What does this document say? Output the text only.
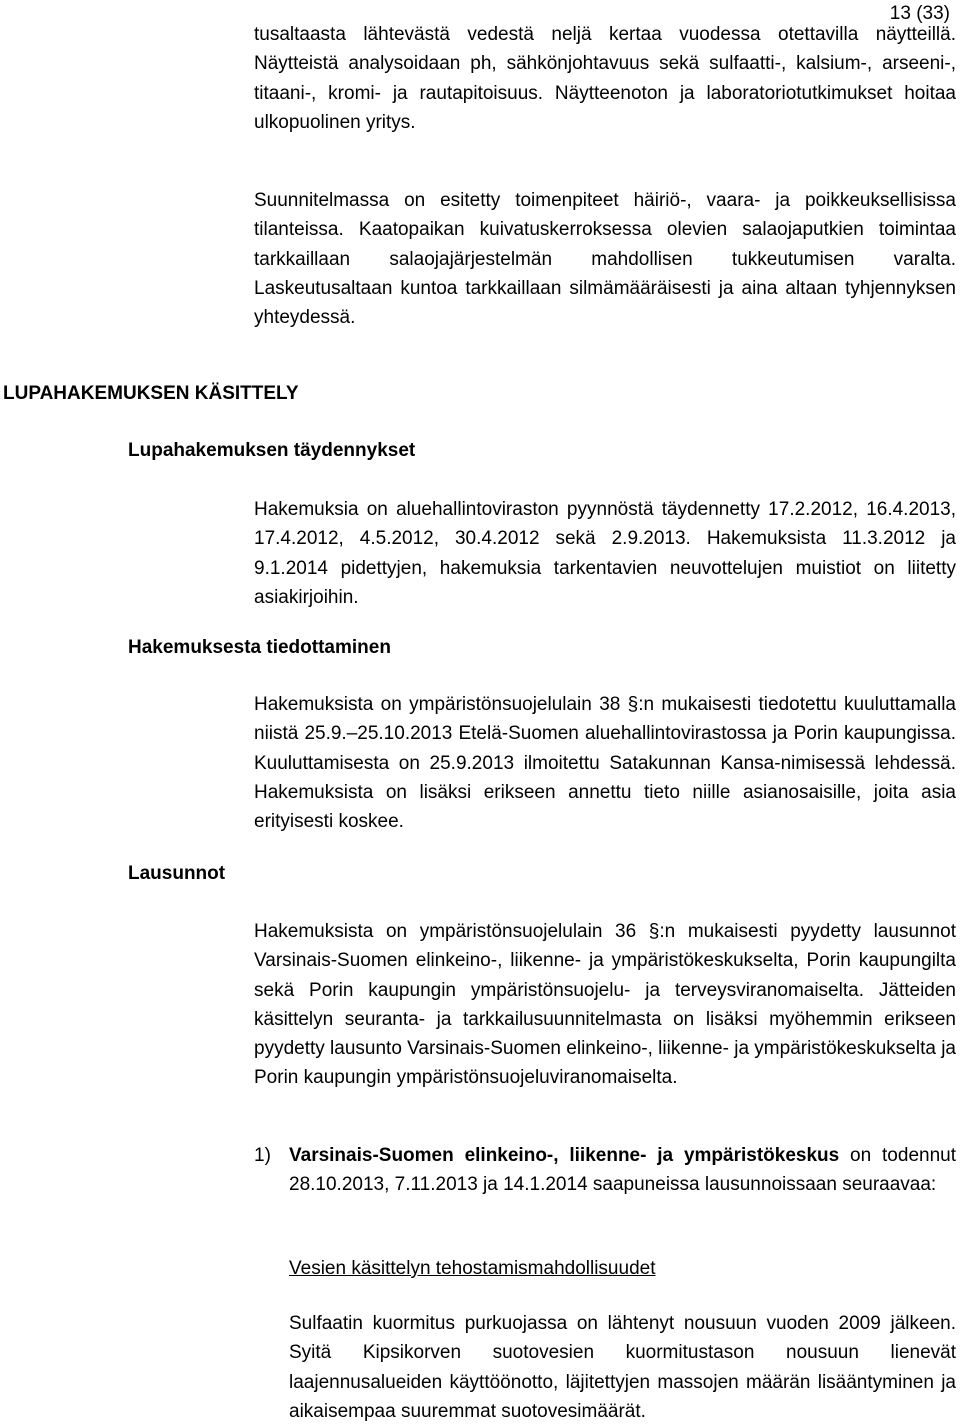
13 (33)

tusaltaasta lähtevästä vedestä neljä kertaa vuodessa otettavilla näytteillä. Näytteistä analysoidaan ph, sähkönjohtavuus sekä sulfaatti-, kalsium-, arseeni-, titaani-, kromi- ja rautapitoisuus. Näytteenoton ja laboratoriotutkimukset hoitaa ulkopuolinen yritys.

Suunnitelmassa on esitetty toimenpiteet häiriö-, vaara- ja poikkeuksellisissa tilanteissa. Kaatopaikan kuivatuskerroksessa olevien salaojaputkien toimintaa tarkkaillaan salaojajärjestelmän mahdollisen tukkeutumisen varalta. Laskeutusaltaan kuntoa tarkkaillaan silmämääräisesti ja aina altaan tyhjennyksen yhteydessä.

LUPAHAKEMUKSEN KÄSITTELY
Lupahakemuksen täydennykset

Hakemuksia on aluehallintoviraston pyynnöstä täydennetty 17.2.2012, 16.4.2013, 17.4.2012, 4.5.2012, 30.4.2012 sekä 2.9.2013. Hakemuksista 11.3.2012 ja 9.1.2014 pidettyjen, hakemuksia tarkentavien neuvottelujen muistiot on liitetty asiakirjoihin.

Hakemuksesta tiedottaminen

Hakemuksista on ympäristönsuojelulain 38 §:n mukaisesti tiedotettu kuuluttamalla niistä 25.9.–25.10.2013 Etelä-Suomen aluehallintovirastossa ja Porin kaupungissa. Kuuluttamisesta on 25.9.2013 ilmoitettu Satakunnan Kansa-nimisessä lehdessä. Hakemuksista on lisäksi erikseen annettu tieto niille asianosaisille, joita asia erityisesti koskee.

Lausunnot

Hakemuksista on ympäristönsuojelulain 36 §:n mukaisesti pyydetty lausunnot Varsinais-Suomen elinkeino-, liikenne- ja ympäristökeskukselta, Porin kaupungilta sekä Porin kaupungin ympäristönsuojelu- ja terveysviranomaiselta. Jätteiden käsittelyn seuranta- ja tarkkailusuunnitelmasta on lisäksi myöhemmin erikseen pyydetty lausunto Varsinais-Suomen elinkeino-, liikenne- ja ympäristökeskukselta ja Porin kaupungin ympäristönsuojeluviranomaiselta.

1) Varsinais-Suomen elinkeino-, liikenne- ja ympäristökeskus on todennut 28.10.2013, 7.11.2013 ja 14.1.2014 saapuneissa lausunnoissaan seuraavaa:

Vesien käsittelyn tehostamismahdollisuudet

Sulfaatin kuormitus purkuojassa on lähtenyt nousuun vuoden 2009 jälkeen. Syitä Kipsikorven suotovesien kuormitustason nousuun lienevät laajennusalueiden käyttöönotto, läjitettyjen massojen määrän lisääntyminen ja aikaisempaa suuremmat suotovesimäärät.
